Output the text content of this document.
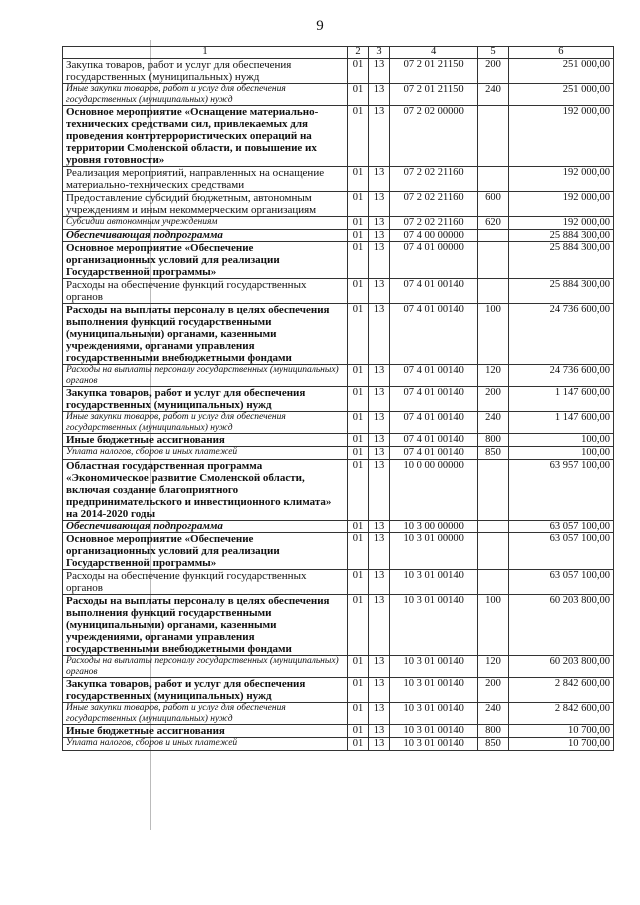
9
1	2	3	4	5	6
Закупка товаров, работ и услуг для обеспечения государственных (муниципальных) нужд	01	13	07 2 01 21150	200	251 000,00
Иные закупки товаров, работ и услуг для обеспечения государственных (муниципальных) нужд	01	13	07 2 01 21150	240	251 000,00
Основное мероприятие «Оснащение материально-технических средствами сил, привлекаемых для проведения контртеррористических операций на территории Смоленской области, и повышение их уровня готовности»	01	13	07 2 02 00000		192 000,00
Реализация мероприятий, направленных на оснащение материально-технических средствами	01	13	07 2 02 21160		192 000,00
Предоставление субсидий бюджетным, автономным учреждениям и иным некоммерческим организациям	01	13	07 2 02 21160	600	192 000,00
Субсидии автономным учреждениям	01	13	07 2 02 21160	620	192 000,00
Обеспечивающая подпрограмма	01	13	07 4 00 00000		25 884 300,00
Основное мероприятие «Обеспечение организационных условий для реализации Государственной программы»	01	13	07 4 01 00000		25 884 300,00
Расходы на обеспечение функций государственных органов	01	13	07 4 01 00140		25 884 300,00
Расходы на выплаты персоналу в целях обеспечения выполнения функций государственными (муниципальными) органами, казенными учреждениями, органами управления государственными внебюджетными фондами	01	13	07 4 01 00140	100	24 736 600,00
Расходы на выплаты персоналу государственных (муниципальных) органов	01	13	07 4 01 00140	120	24 736 600,00
Закупка товаров, работ и услуг для обеспечения государственных (муниципальных) нужд	01	13	07 4 01 00140	200	1 147 600,00
Иные закупки товаров, работ и услуг для обеспечения государственных (муниципальных) нужд	01	13	07 4 01 00140	240	1 147 600,00
Иные бюджетные ассигнования	01	13	07 4 01 00140	800	100,00
Уплата налогов, сборов и иных платежей	01	13	07 4 01 00140	850	100,00
Областная государственная программа «Экономическое развитие Смоленской области, включая создание благоприятного предпринимательского и инвестиционного климата» на 2014-2020 годы	01	13	10 0 00 00000		63 957 100,00
Обеспечивающая подпрограмма	01	13	10 3 00 00000		63 057 100,00
Основное мероприятие «Обеспечение организационных условий для реализации Государственной программы»	01	13	10 3 01 00000		63 057 100,00
Расходы на обеспечение функций государственных органов	01	13	10 3 01 00140		63 057 100,00
Расходы на выплаты персоналу в целях обеспечения выполнения функций государственными (муниципальными) органами, казенными учреждениями, органами управления государственными внебюджетными фондами	01	13	10 3 01 00140	100	60 203 800,00
Расходы на выплаты персоналу государственных (муниципальных) органов	01	13	10 3 01 00140	120	60 203 800,00
Закупка товаров, работ и услуг для обеспечения государственных (муниципальных) нужд	01	13	10 3 01 00140	200	2 842 600,00
Иные закупки товаров, работ и услуг для обеспечения государственных (муниципальных) нужд	01	13	10 3 01 00140	240	2 842 600,00
Иные бюджетные ассигнования	01	13	10 3 01 00140	800	10 700,00
Уплата налогов, сборов и иных платежей	01	13	10 3 01 00140	850	10 700,00
